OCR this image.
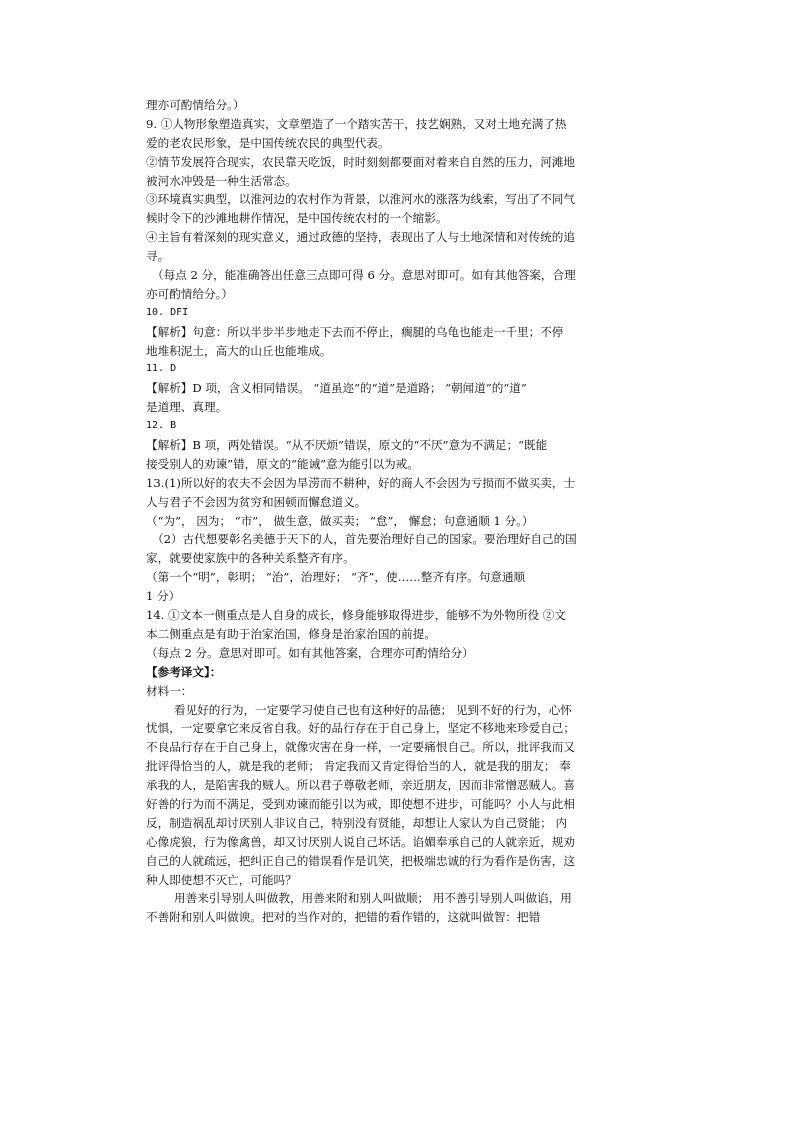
理亦可酌情给分。）
9. ①人物形象塑造真实，文章塑造了一个踏实苦干，技艺娴熟，又对土地充满了热
爱的老农民形象，是中国传统农民的典型代表。
②情节发展符合现实，农民靠天吃饭，时时刻刻都要面对着来自自然的压力，河滩地
被河水冲毁是一种生活常态。
③环境真实典型，以淮河边的农村作为背景，以淮河水的涨落为线索，写出了不同气
候时令下的沙滩地耕作情况，是中国传统农村的一个缩影。
④主旨有着深刻的现实意义，通过政德的坚持，表现出了人与土地深情和对传统的追
寻。
（每点 2 分，能准确答出任意三点即可得 6 分。意思对即可。如有其他答案，合理
亦可酌情给分。）
10. DFI
【解析】句意：所以半步半步地走下去而不停止，瘸腿的乌龟也能走一千里；不停
地堆积泥土，高大的山丘也能堆成。
11. D
【解析】D 项，含义相同错误。 “道虽迩”的“道”是道路； “朝闻道”的“道”
是道理、真理。
12. B
【解析】B 项，两处错误。“从不厌烦”错误，原文的“不厌”意为不满足；“既能
接受别人的劝谏”错，原文的“能诫”意为能引以为戒。
13.(1)所以好的农夫不会因为旱涝而不耕种，好的商人不会因为亏损而不做买卖，士
人与君子不会因为贫穷和困顿而懈怠道义。
（“为”， 因为； “市”， 做生意，做买卖； “怠”， 懈怠；句意通顺 1 分。）
（2）古代想要彰名美德于天下的人，首先要治理好自己的国家。要治理好自己的国
家，就要使家族中的各种关系整齐有序。
（第一个“明”，彰明； “治”，治理好； “齐”，使……整齐有序。句意通顺
1 分）
14. ①文本一侧重点是人自身的成长，修身能够取得进步，能够不为外物所役 ②文
本二侧重点是有助于治家治国，修身是治家治国的前提。
（每点 2 分。意思对即可。如有其他答案，合理亦可酌情给分）
【参考译文】：
材料一：
看见好的行为，一定要学习使自己也有这种好的品德； 见到不好的行为，心怀
忧惧，一定要拿它来反省自我。好的品行存在于自己身上，坚定不移地来珍爱自己；
不良品行存在于自己身上，就像灾害在身一样，一定要痛恨自己。所以，批评我而又
批评得恰当的人，就是我的老师； 肯定我而又肯定得恰当的人，就是我的朋友； 奉
承我的人，是陷害我的贼人。所以君子尊敬老师，亲近朋友，因而非常憎恶贼人。喜
好善的行为而不满足，受到劝谏而能引以为戒，即使想不进步，可能吗？小人与此相
反，制造祸乱却讨厌别人非议自己，特别没有贤能，却想让人家认为自己贤能； 内
心像虎狼，行为像禽兽，却又讨厌别人说自己坏话。谄媚奉承自己的人就亲近，规劝
自己的人就疏远，把纠正自己的错误看作是讥笑，把极端忠诚的行为看作是伤害，这
种人即使想不灭亡，可能吗？
用善来引导别人叫做教，用善来附和别人叫做顺； 用不善引导别人叫做谄，用
不善附和别人叫做谀。把对的当作对的，把错的看作错的，这就叫做智：把错
